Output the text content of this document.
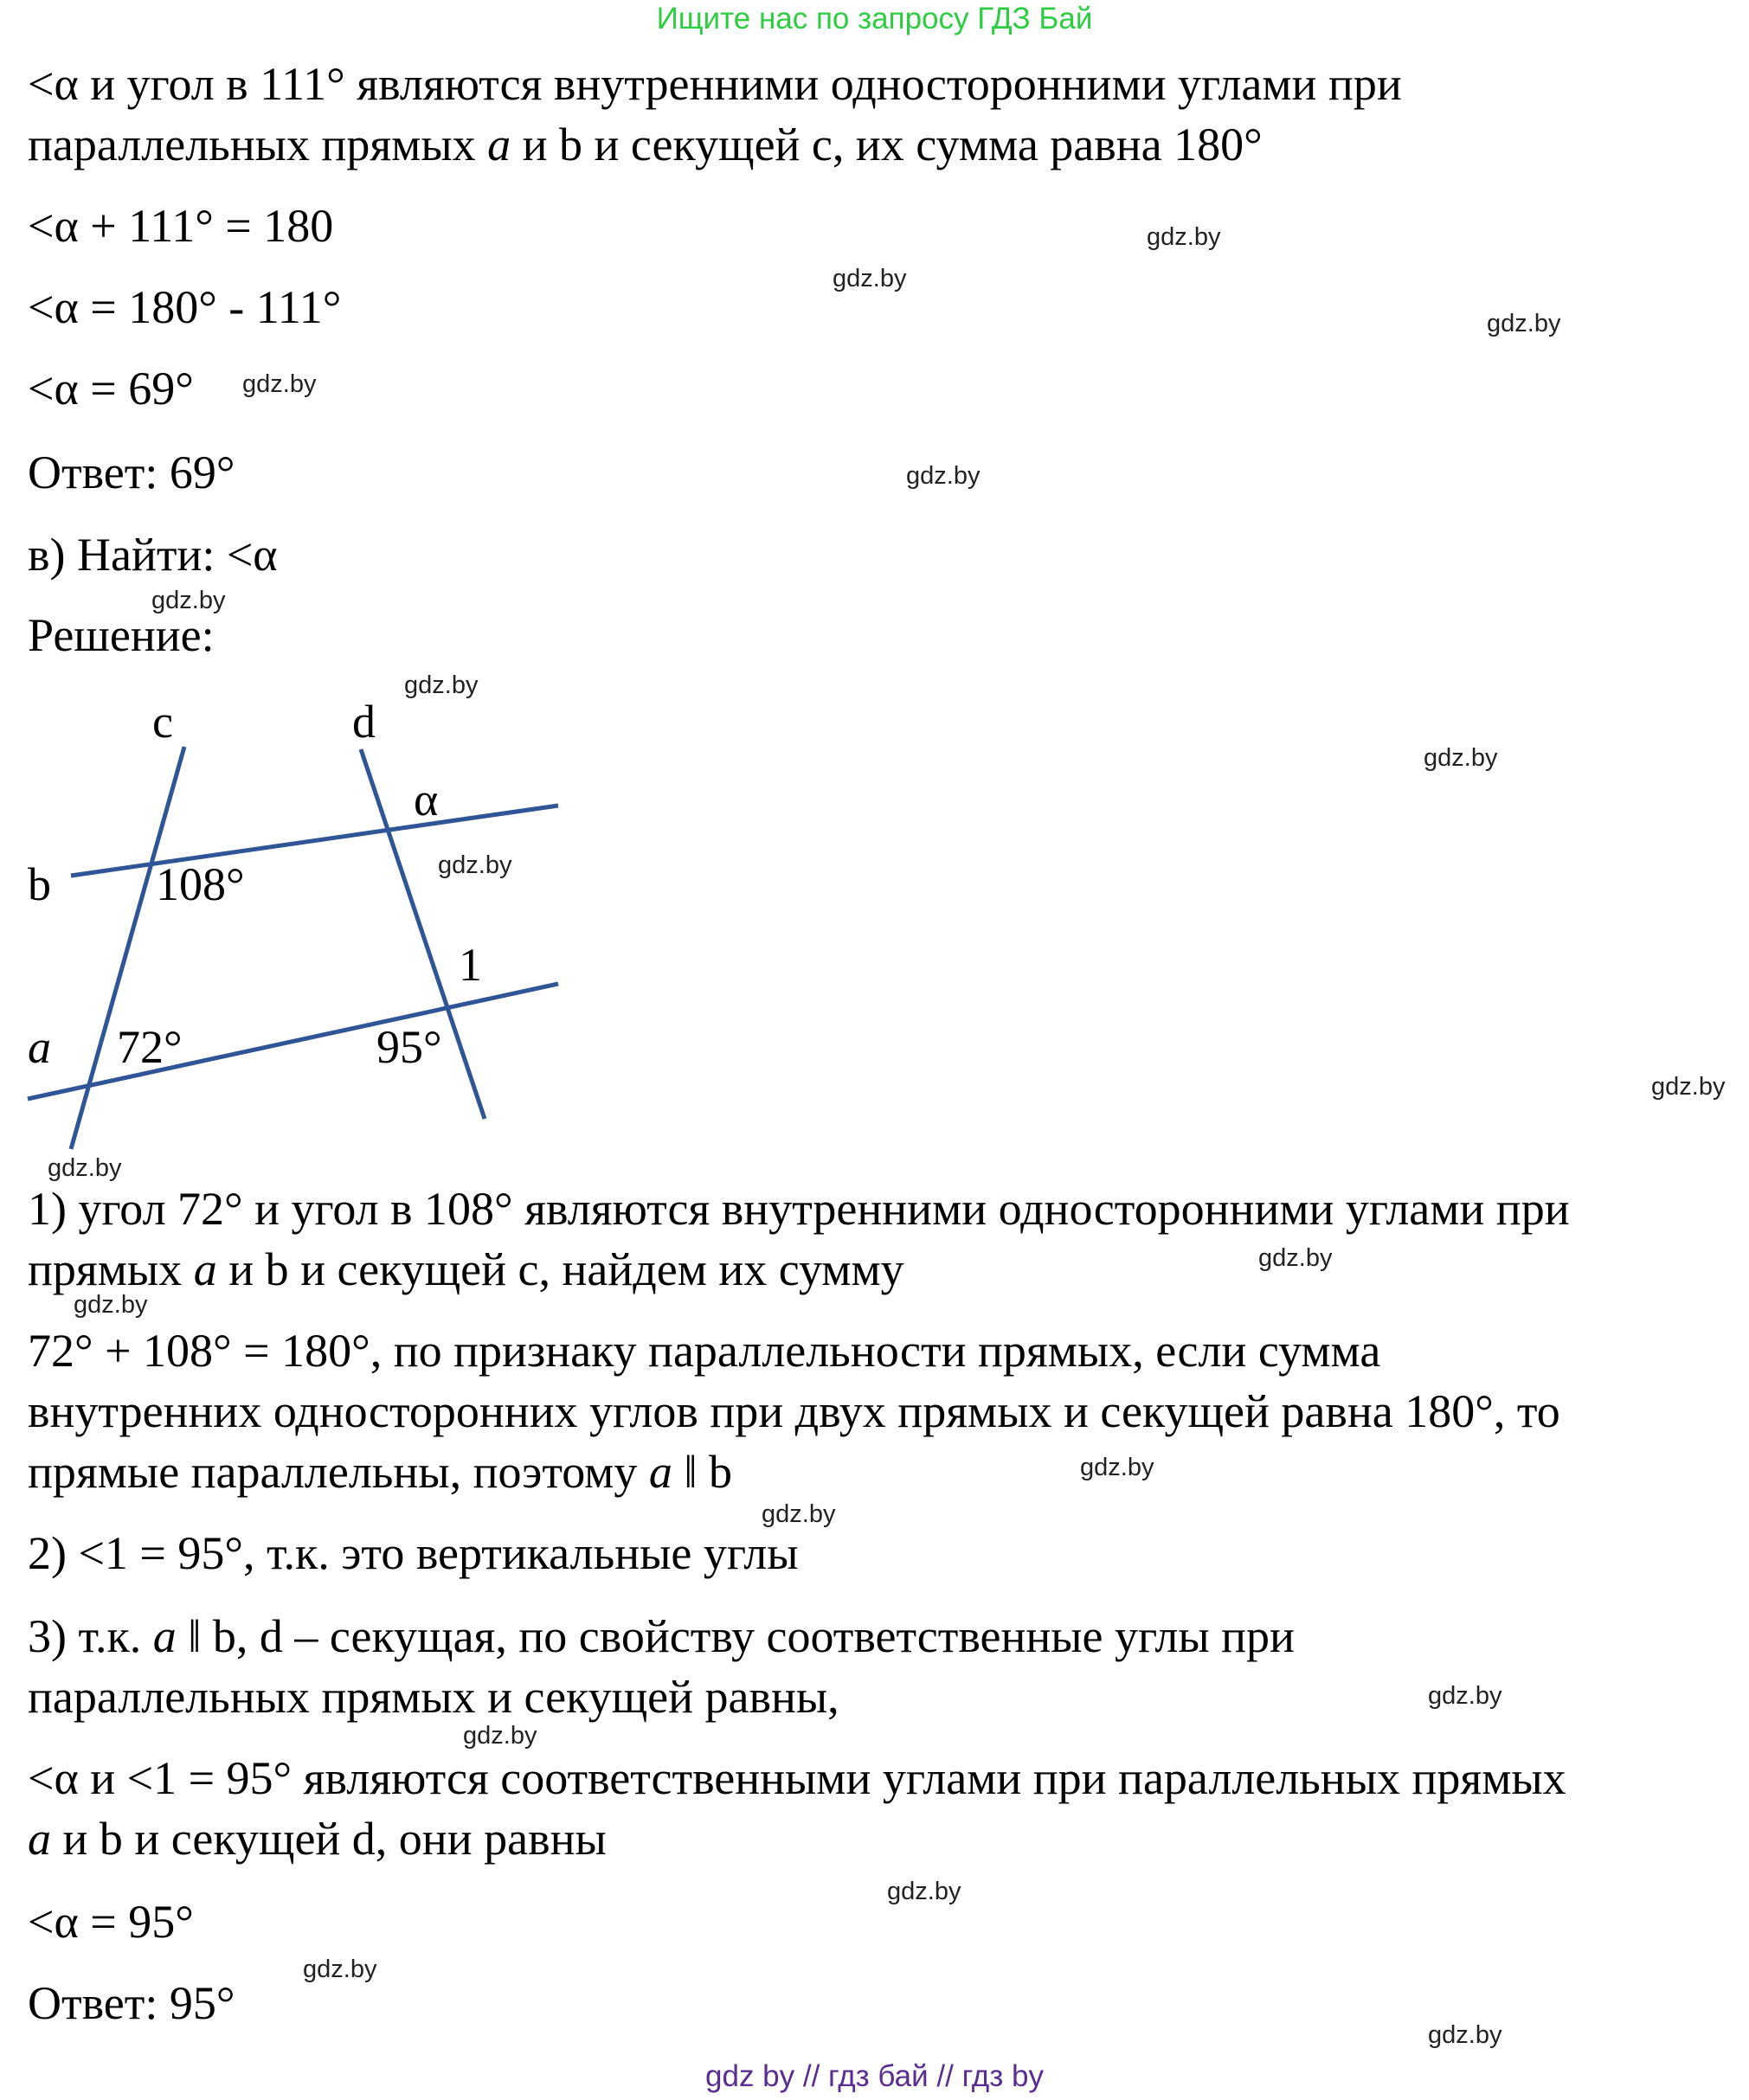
Ищите нас по запросу ГДЗ Бай
<α и угол в 111° являются внутренними односторонними углами при
параллельных прямых a и b и секущей c, их сумма равна 180°
<α + 111° = 180
<α = 180° - 111°
<α = 69°
Ответ: 69°
в) Найти: <α
Решение:
c	d
b
a
α
1
108°
72°	95°
1) угол 72° и угол в 108° являются внутренними односторонними углами при
прямых a и b и секущей c, найдем их сумму
72° + 108° = 180°, по признаку параллельности прямых, если сумма
внутренних односторонних углов при двух прямых и секущей равна 180°, то
прямые параллельны, поэтому a ‖ b
2) <1 = 95°, т.к. это вертикальные углы
3) т.к. a ‖ b, d – секущая, по свойству соответственные углы при
параллельных прямых и секущей равны,
<α и <1 = 95° являются соответственными углами при параллельных прямых
a и b и секущей d, они равны
<α = 95°
Ответ: 95°
gdz.by
gdz.by
gdz.by
gdz.by
gdz.by
gdz.by
gdz.by
gdz.by
gdz.by
gdz.by
gdz.by
gdz.by
gdz.by
gdz.by
gdz.by
gdz.by
gdz.by
gdz.by
gdz.by
gdz.by
gdz by // гдз бай // гдз by
